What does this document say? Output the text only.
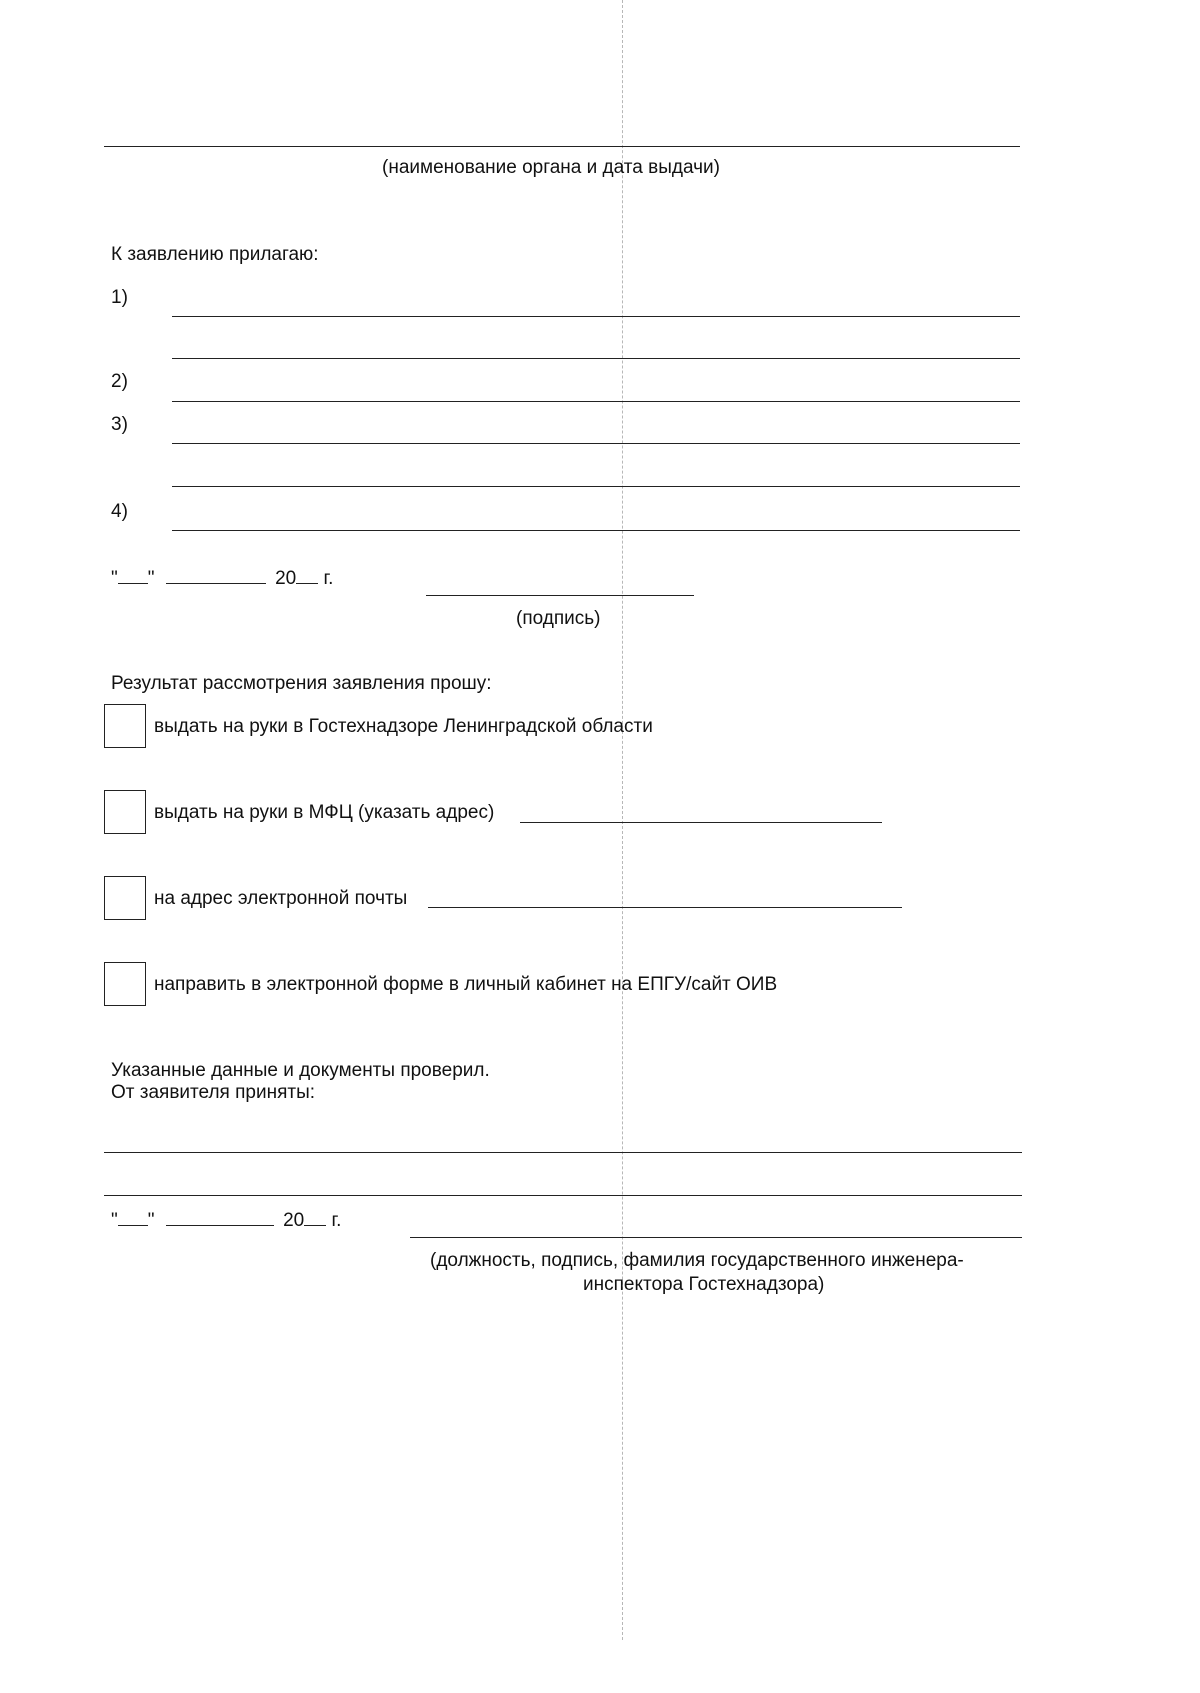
(наименование органа и дата выдачи)
К заявлению прилагаю:
1)
2)
3)
4)
" "	20 г.
(подпись)
Результат рассмотрения заявления прошу:
выдать на руки в Гостехнадзоре Ленинградской области
выдать на руки в МФЦ (указать адрес)
на адрес электронной почты
направить в электронной форме в личный кабинет на ЕПГУ/сайт ОИВ
Указанные данные и документы проверил.
От заявителя приняты:
" "	20 г.
(должность, подпись, фамилия государственного инженера-
инспектора Гостехнадзора)
